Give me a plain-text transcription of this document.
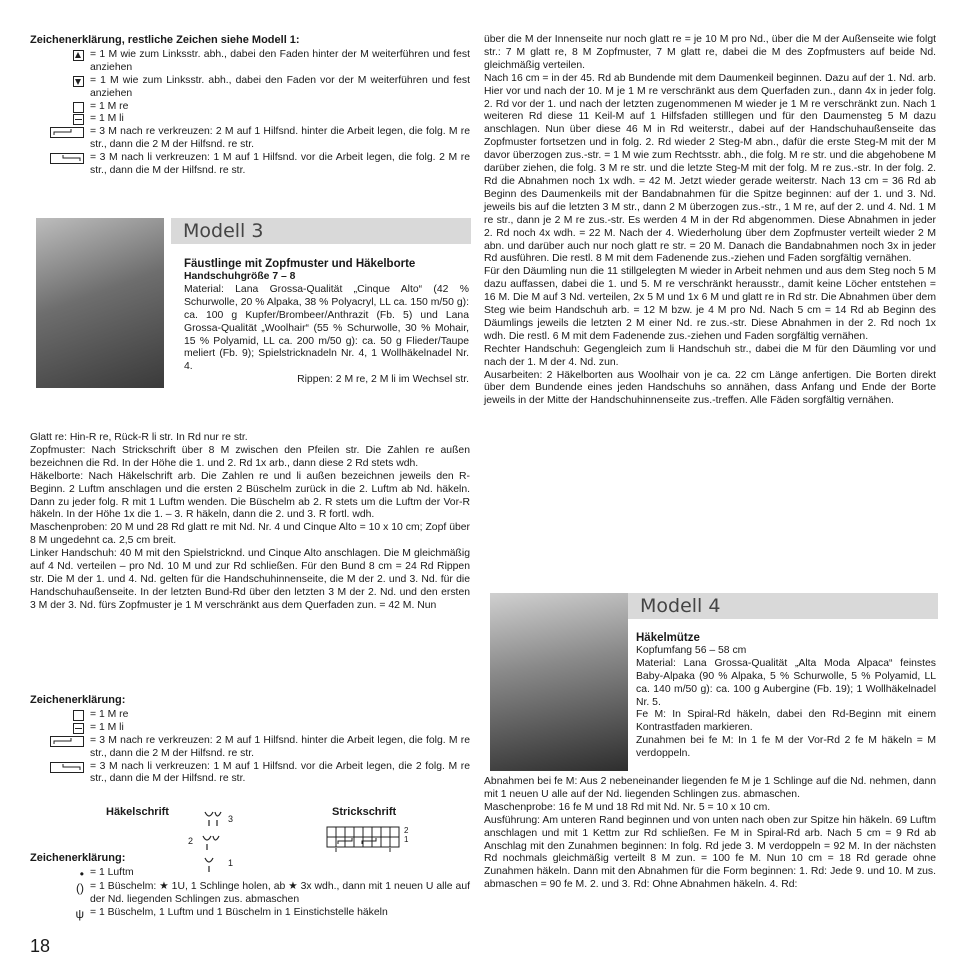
Zeichenerklärung, restliche Zeichen siehe Modell 1:
= 1 M wie zum Linksstr. abh., dabei den Faden hinter der M weiterführen und fest anziehen
= 1 M wie zum Linksstr. abh., dabei den Faden vor der M weiterführen und fest anziehen
= 1 M re
= 1 M li
= 3 M nach re verkreuzen: 2 M auf 1 Hilfsnd. hinter die Arbeit legen, die folg. M re str., dann die 2 M der Hilfsnd. re str.
= 3 M nach li verkreuzen: 1 M auf 1 Hilfsnd. vor die Arbeit legen, die folg. 2 M re str., dann die M der Hilfsnd. re str.
Modell 3

Fäustlinge mit Zopfmuster und Häkelborte

Handschuhgröße 7 – 8

Material: Lana Grossa-Qualität „Cinque Alto“ (42 % Schurwolle, 20 % Alpaka, 38 % Polyacryl, LL ca. 150 m/50 g): ca. 100 g Kupfer/Brombeer/Anthrazit (Fb. 5) und Lana Grossa-Qualität „Woolhair“ (55 % Schurwolle, 30 % Mohair, 15 % Polyamid, LL ca. 200 m/50 g): ca. 50 g Flieder/Taupe meliert (Fb. 9); Spielstricknadeln Nr. 4, 1 Wollhäkelnadel Nr. 4.

Rippen: 2 M re, 2 M li im Wechsel str.

Glatt re: Hin-R re, Rück-R li str. In Rd nur re str.

Zopfmuster: Nach Strickschrift über 8 M zwischen den Pfeilen str. Die Zahlen re außen bezeichnen die Rd. In der Höhe die 1. und 2. Rd 1x arb., dann diese 2 Rd stets wdh.

Häkelborte: Nach Häkelschrift arb. Die Zahlen re und li außen bezeichnen jeweils den R-Beginn. 2 Luftm anschlagen und die ersten 2 Büschelm zurück in die 2. Luftm ab Nd. häkeln. Dann zu jeder folg. R mit 1 Luftm wenden. Die Büschelm ab 2. R stets um die Luftm der Vor-R häkeln. In der Höhe 1x die 1. – 3. R häkeln, dann die 2. und 3. R fortl. wdh.

Maschenproben: 20 M und 28 Rd glatt re mit Nd. Nr. 4 und Cinque Alto = 10 x 10 cm; Zopf über 8 M ungedehnt ca. 2,5 cm breit.

Linker Handschuh: 40 M mit den Spielstricknd. und Cinque Alto anschlagen. Die M gleichmäßig auf 4 Nd. verteilen – pro Nd. 10 M und zur Rd schließen. Für den Bund 8 cm = 24 Rd Rippen str. Die M der 1. und 4. Nd. gelten für die Handschuhinnenseite, die M der 2. und 3. Nd. für die Handschuhaußenseite. In der letzten Bund-Rd über den letzten 3 M der 2. Nd. und den ersten 3 M der 3. Nd. fürs Zopfmuster je 1 M verschränkt aus dem Querfaden zun. = 42 M. Nun

Zeichenerklärung:
= 1 M re
= 1 M li
= 3 M nach re verkreuzen: 2 M auf 1 Hilfsnd. hinter die Arbeit legen, die folg. M re str., dann die 2 M der Hilfsnd. re str.
= 3 M nach li verkreuzen: 1 M auf 1 Hilfsnd. vor die Arbeit legen, die 2 folg. M re str., dann die M der Hilfsnd. re str.
Häkelschrift
3
2
1
Strickschrift
2
1
Zeichenerklärung:
• = 1 Luftm
() = 1 Büschelm: ★ 1U, 1 Schlinge holen, ab ★ 3x wdh., dann mit 1 neuen U alle auf der Nd. liegenden Schlingen zus. abmaschen
ψ = 1 Büschelm, 1 Luftm und 1 Büschelm in 1 Einstichstelle häkeln
18

über die M der Innenseite nur noch glatt re = je 10 M pro Nd., über die M der Außenseite wie folgt str.: 7 M glatt re, 8 M Zopfmuster, 7 M glatt re, dabei die M des Zopfmusters auf beide Nd. gleichmäßig verteilen.

Nach 16 cm = in der 45. Rd ab Bundende mit dem Daumenkeil beginnen. Dazu auf der 1. Nd. arb. Hier vor und nach der 10. M je 1 M re verschränkt aus dem Querfaden zun., dann 4x in jeder folg. 2. Rd vor der 1. und nach der letzten zugenommenen M wieder je 1 M re verschränkt zun. Nach 1 weiteren Rd diese 11 Keil-M auf 1 Hilfsfaden stilllegen und für den Daumensteg 5 M dazu anschlagen. Nun über diese 46 M in Rd weiterstr., dabei auf der Handschuhaußenseite das Zopfmuster fortsetzen und in folg. 2. Rd wieder 2 Steg-M abn., dafür die erste Steg-M mit der M davor überzogen zus.-str. = 1 M wie zum Rechtsstr. abh., die folg. M re str. und die abgehobene M darüber ziehen, die folg. 3 M re str. und die letzte Steg-M mit der folg. M re zus.-str. In der folg. 2. Rd die Abnahmen noch 1x wdh. = 42 M. Jetzt wieder gerade weiterstr. Nach 13 cm = 36 Rd ab Beginn des Daumenkeils mit der Bandabnahmen für die Spitze beginnen: auf der 1. und 3. Nd. jeweils bis auf die letzten 3 M str., dann 2 M überzogen zus.-str., 1 M re, auf der 2. und 4. Nd. 1 M re str., dann je 2 M re zus.-str. Es werden 4 M in der Rd abgenommen. Diese Abnahmen in jeder 2. Rd noch 4x wdh. = 22 M. Nach der 4. Wiederholung über dem Zopfmuster verteilt wieder 2 M abn. und darüber auch nur noch glatt re str. = 20 M. Danach die Bandabnahmen noch 3x in jeder Rd ausführen. Die restl. 8 M mit dem Fadenende zus.-ziehen und Faden sorgfältig vernähen.

Für den Däumling nun die 11 stillgelegten M wieder in Arbeit nehmen und aus dem Steg noch 5 M dazu auffassen, dabei die 1. und 5. M re verschränkt herausstr., damit keine Löcher entstehen = 16 M. Die M auf 3 Nd. verteilen, 2x 5 M und 1x 6 M und glatt re in Rd str. Die Abnahmen über dem Steg wie beim Handschuh arb. = 12 M bzw. je 4 M pro Nd. Nach 5 cm = 14 Rd ab Beginn des Däumlings jeweils die letzten 2 M einer Nd. re zus.-str. Diese Abnahmen in der 2. Rd noch 1x wdh. Die restl. 6 M mit dem Fadenende zus.-ziehen und Faden sorgfältig vernähen.

Rechter Handschuh: Gegengleich zum li Handschuh str., dabei die M für den Däumling vor und nach der 1. M der 4. Nd. zun.

Ausarbeiten: 2 Häkelborten aus Woolhair von je ca. 22 cm Länge anfertigen. Die Borten direkt über dem Bundende eines jeden Handschuhs so annähen, dass Anfang und Ende der Borte jeweils in der Mitte der Handschuhinnenseite zus.-treffen. Alle Fäden sorgfältig vernähen.

Modell 4

Häkelmütze

Kopfumfang 56 – 58 cm

Material: Lana Grossa-Qualität „Alta Moda Alpaca“ feinstes Baby-Alpaka (90 % Alpaka, 5 % Schurwolle, 5 % Polyamid, LL ca. 140 m/50 g): ca. 100 g Aubergine (Fb. 19); 1 Wollhäkelnadel Nr. 5.

Fe M: In Spiral-Rd häkeln, dabei den Rd-Beginn mit einem Kontrastfaden markieren.

Zunahmen bei fe M: In 1 fe M der Vor-Rd 2 fe M häkeln = M verdoppeln.

Abnahmen bei fe M: Aus 2 nebeneinander liegenden fe M je 1 Schlinge auf die Nd. nehmen, dann mit 1 neuen U alle auf der Nd. liegenden Schlingen zus. abmaschen.

Maschenprobe: 16 fe M und 18 Rd mit Nd. Nr. 5 = 10 x 10 cm.

Ausführung: Am unteren Rand beginnen und von unten nach oben zur Spitze hin häkeln. 69 Luftm anschlagen und mit 1 Kettm zur Rd schließen. Fe M in Spiral-Rd arb. Nach 5 cm = 9 Rd ab Anschlag mit den Zunahmen beginnen: In folg. Rd jede 3. M verdoppeln = 92 M. In der nächsten Rd nochmals gleichmäßig verteilt 8 M zun. = 100 fe M. Nun 10 cm = 18 Rd gerade ohne Zunahmen häkeln. Dann mit den Abnahmen für die Form beginnen: 1. Rd: Jede 9. und 10. M zus. abmaschen = 90 fe M. 2. und 3. Rd: Ohne Abnahmen häkeln. 4. Rd:
